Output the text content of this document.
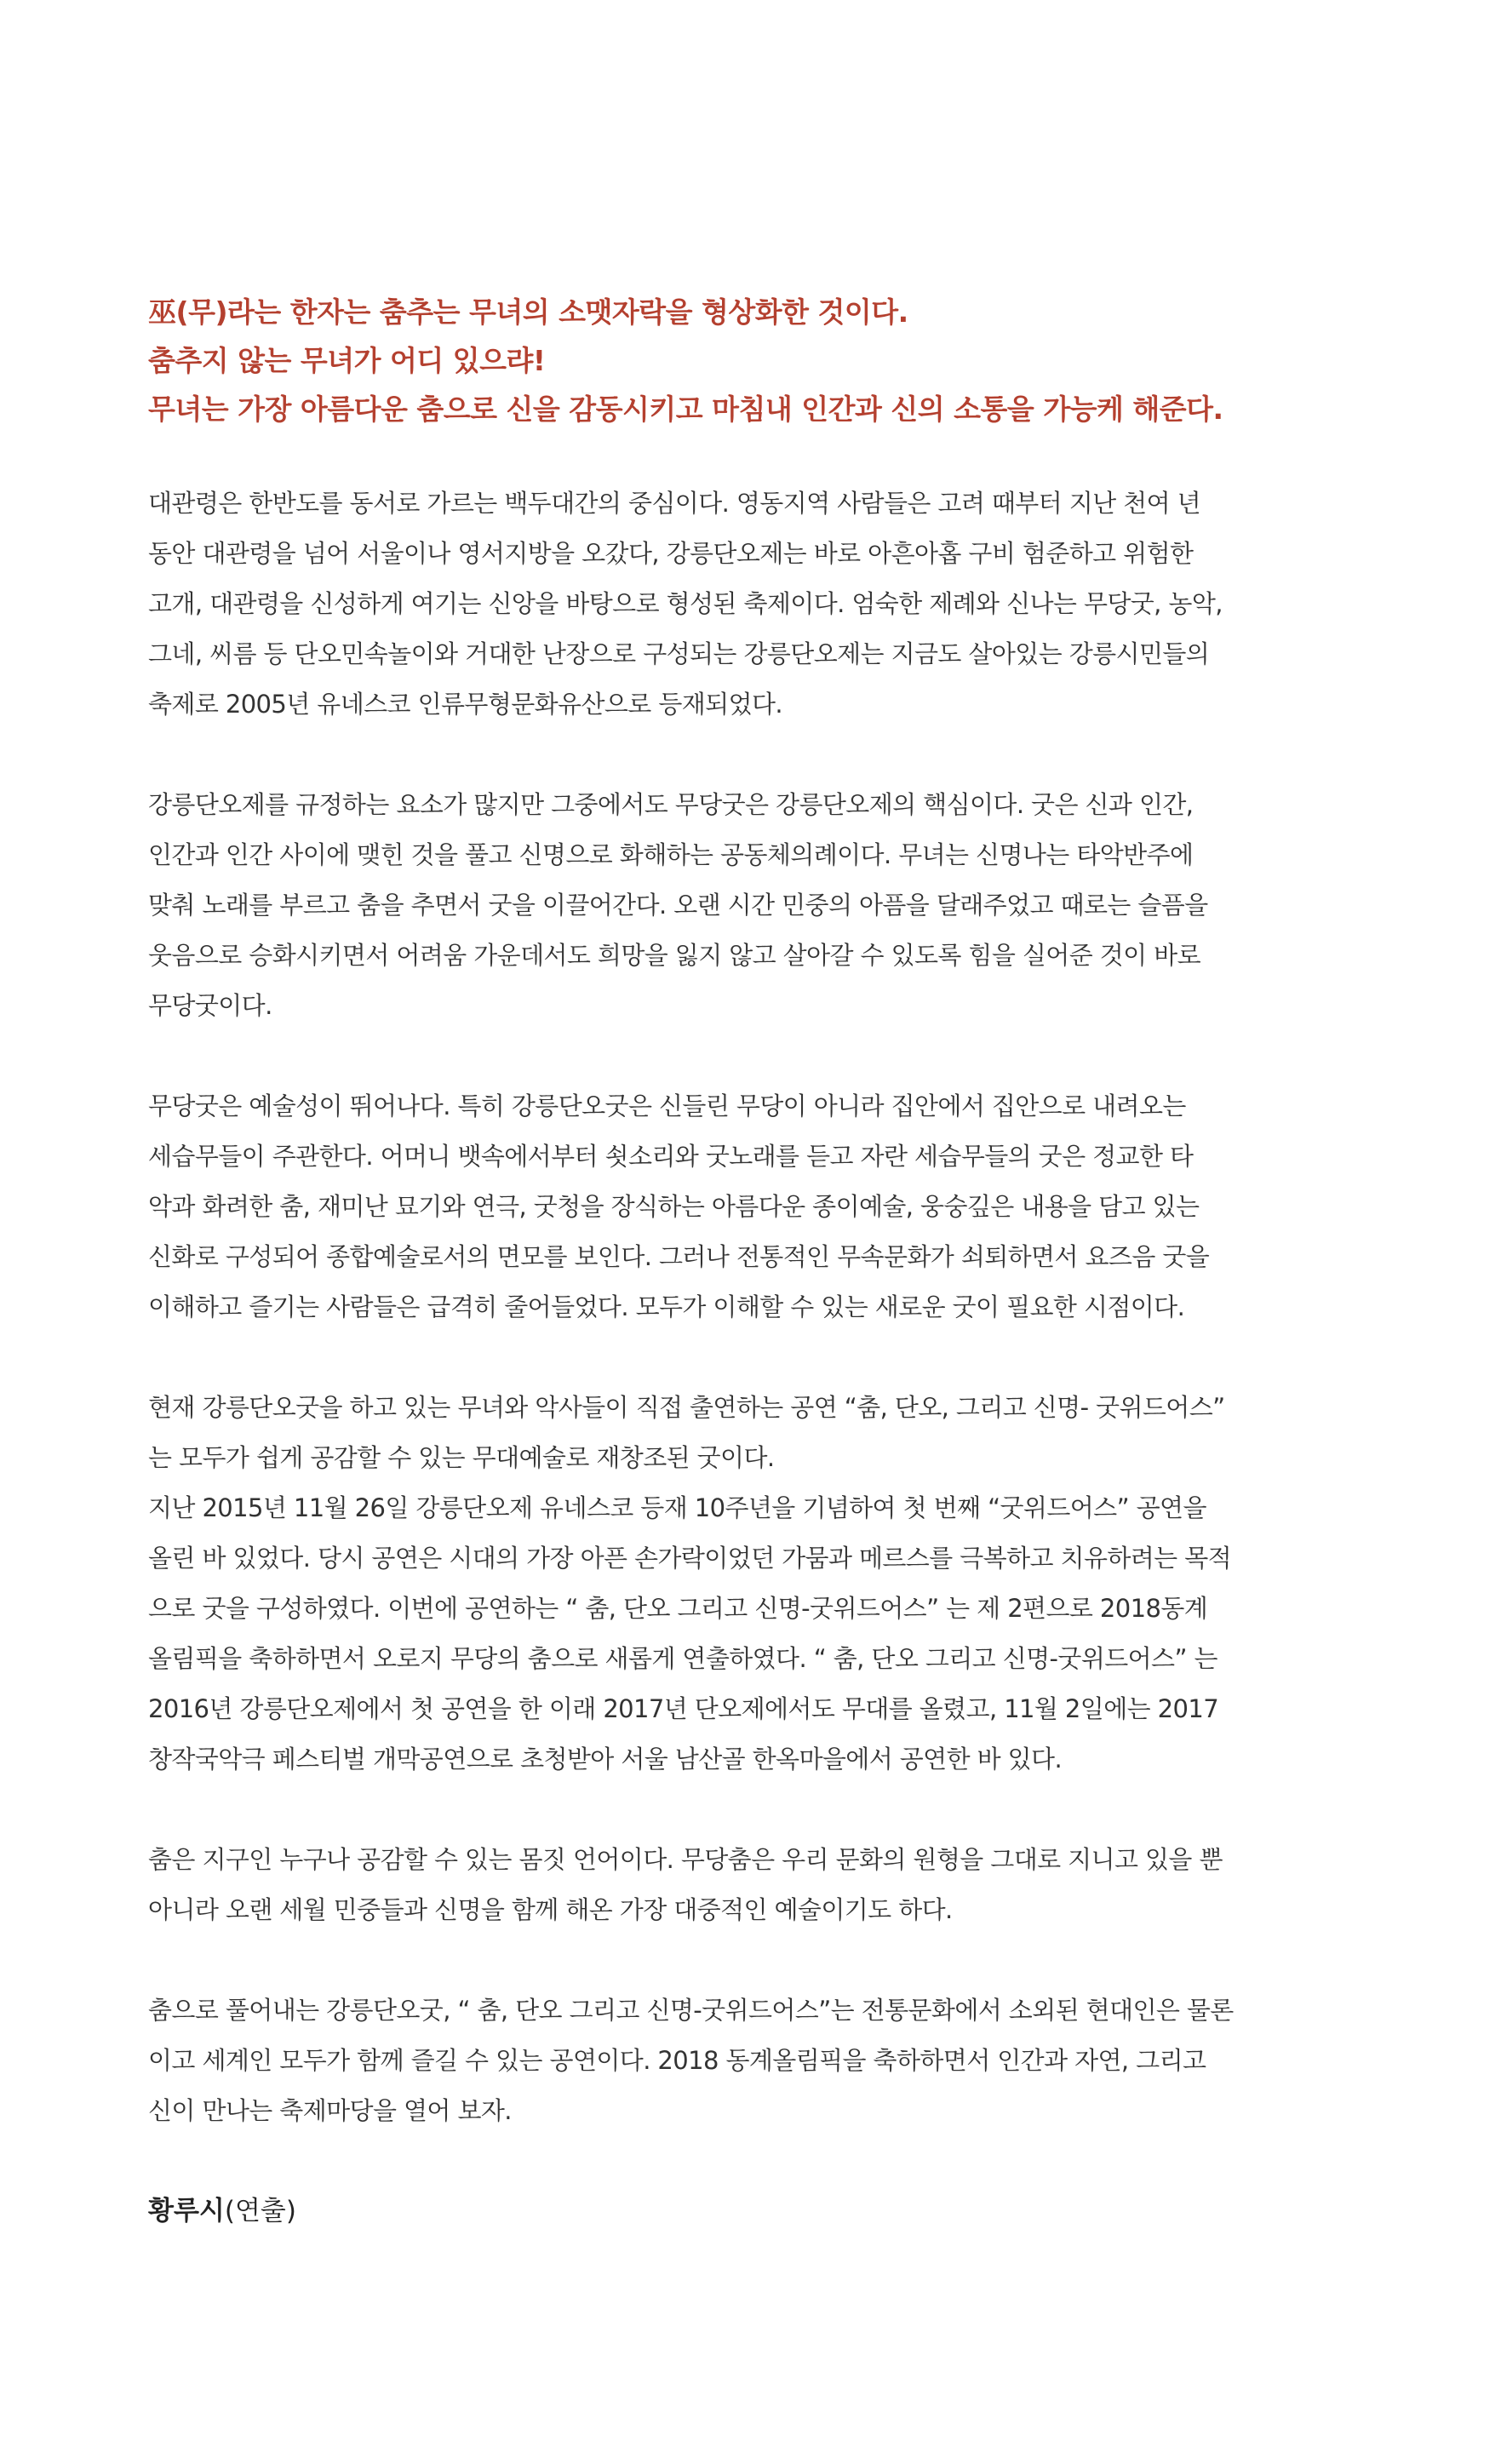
巫(무)라는 한자는 춤추는 무녀의 소맷자락을 형상화한 것이다.
춤추지 않는 무녀가 어디 있으랴!
무녀는 가장 아름다운 춤으로 신을 감동시키고 마침내 인간과 신의 소통을 가능케 해준다.
대관령은 한반도를 동서로 가르는 백두대간의 중심이다. 영동지역 사람들은 고려 때부터 지난 천여 년
동안 대관령을 넘어 서울이나 영서지방을 오갔다, 강릉단오제는 바로 아흔아홉 구비 험준하고 위험한
고개, 대관령을 신성하게 여기는 신앙을 바탕으로 형성된 축제이다. 엄숙한 제례와 신나는 무당굿, 농악,
그네, 씨름 등 단오민속놀이와 거대한 난장으로 구성되는 강릉단오제는 지금도 살아있는 강릉시민들의
축제로 2005년 유네스코 인류무형문화유산으로 등재되었다.
강릉단오제를 규정하는 요소가 많지만 그중에서도 무당굿은 강릉단오제의 핵심이다. 굿은 신과 인간,
인간과 인간 사이에 맺힌 것을 풀고 신명으로 화해하는 공동체의례이다. 무녀는 신명나는 타악반주에
맞춰 노래를 부르고 춤을 추면서 굿을 이끌어간다. 오랜 시간 민중의 아픔을 달래주었고 때로는 슬픔을
웃음으로 승화시키면서 어려움 가운데서도 희망을 잃지 않고 살아갈 수 있도록 힘을 실어준 것이 바로
무당굿이다.
무당굿은 예술성이 뛰어나다. 특히 강릉단오굿은 신들린 무당이 아니라 집안에서 집안으로 내려오는
세습무들이 주관한다. 어머니 뱃속에서부터 쇳소리와 굿노래를 듣고 자란 세습무들의 굿은 정교한 타
악과 화려한 춤, 재미난 묘기와 연극, 굿청을 장식하는 아름다운 종이예술, 웅숭깊은 내용을 담고 있는
신화로 구성되어 종합예술로서의 면모를 보인다. 그러나 전통적인 무속문화가 쇠퇴하면서 요즈음 굿을
이해하고 즐기는 사람들은 급격히 줄어들었다. 모두가 이해할 수 있는 새로운 굿이 필요한 시점이다.
현재 강릉단오굿을 하고 있는 무녀와 악사들이 직접 출연하는 공연 “춤, 단오, 그리고 신명- 굿위드어스”
는 모두가 쉽게 공감할 수 있는 무대예술로 재창조된 굿이다.
지난 2015년 11월 26일 강릉단오제 유네스코 등재 10주년을 기념하여 첫 번째 “굿위드어스” 공연을
올린 바 있었다. 당시 공연은 시대의 가장 아픈 손가락이었던 가뭄과 메르스를 극복하고 치유하려는 목적
으로 굿을 구성하였다. 이번에 공연하는 “ 춤, 단오 그리고 신명-굿위드어스” 는 제 2편으로 2018동계
올림픽을 축하하면서 오로지 무당의 춤으로 새롭게 연출하였다. “ 춤, 단오 그리고 신명-굿위드어스” 는
2016년 강릉단오제에서 첫 공연을 한 이래 2017년 단오제에서도 무대를 올렸고, 11월 2일에는 2017
창작국악극 페스티벌 개막공연으로 초청받아 서울 남산골 한옥마을에서 공연한 바 있다.
춤은 지구인 누구나 공감할 수 있는 몸짓 언어이다. 무당춤은 우리 문화의 원형을 그대로 지니고 있을 뿐
아니라 오랜 세월 민중들과 신명을 함께 해온 가장 대중적인 예술이기도 하다.
춤으로 풀어내는 강릉단오굿, “ 춤, 단오 그리고 신명-굿위드어스”는 전통문화에서 소외된 현대인은 물론
이고 세계인 모두가 함께 즐길 수 있는 공연이다. 2018 동계올림픽을 축하하면서 인간과 자연, 그리고
신이 만나는 축제마당을 열어 보자.

황루시(연출)
